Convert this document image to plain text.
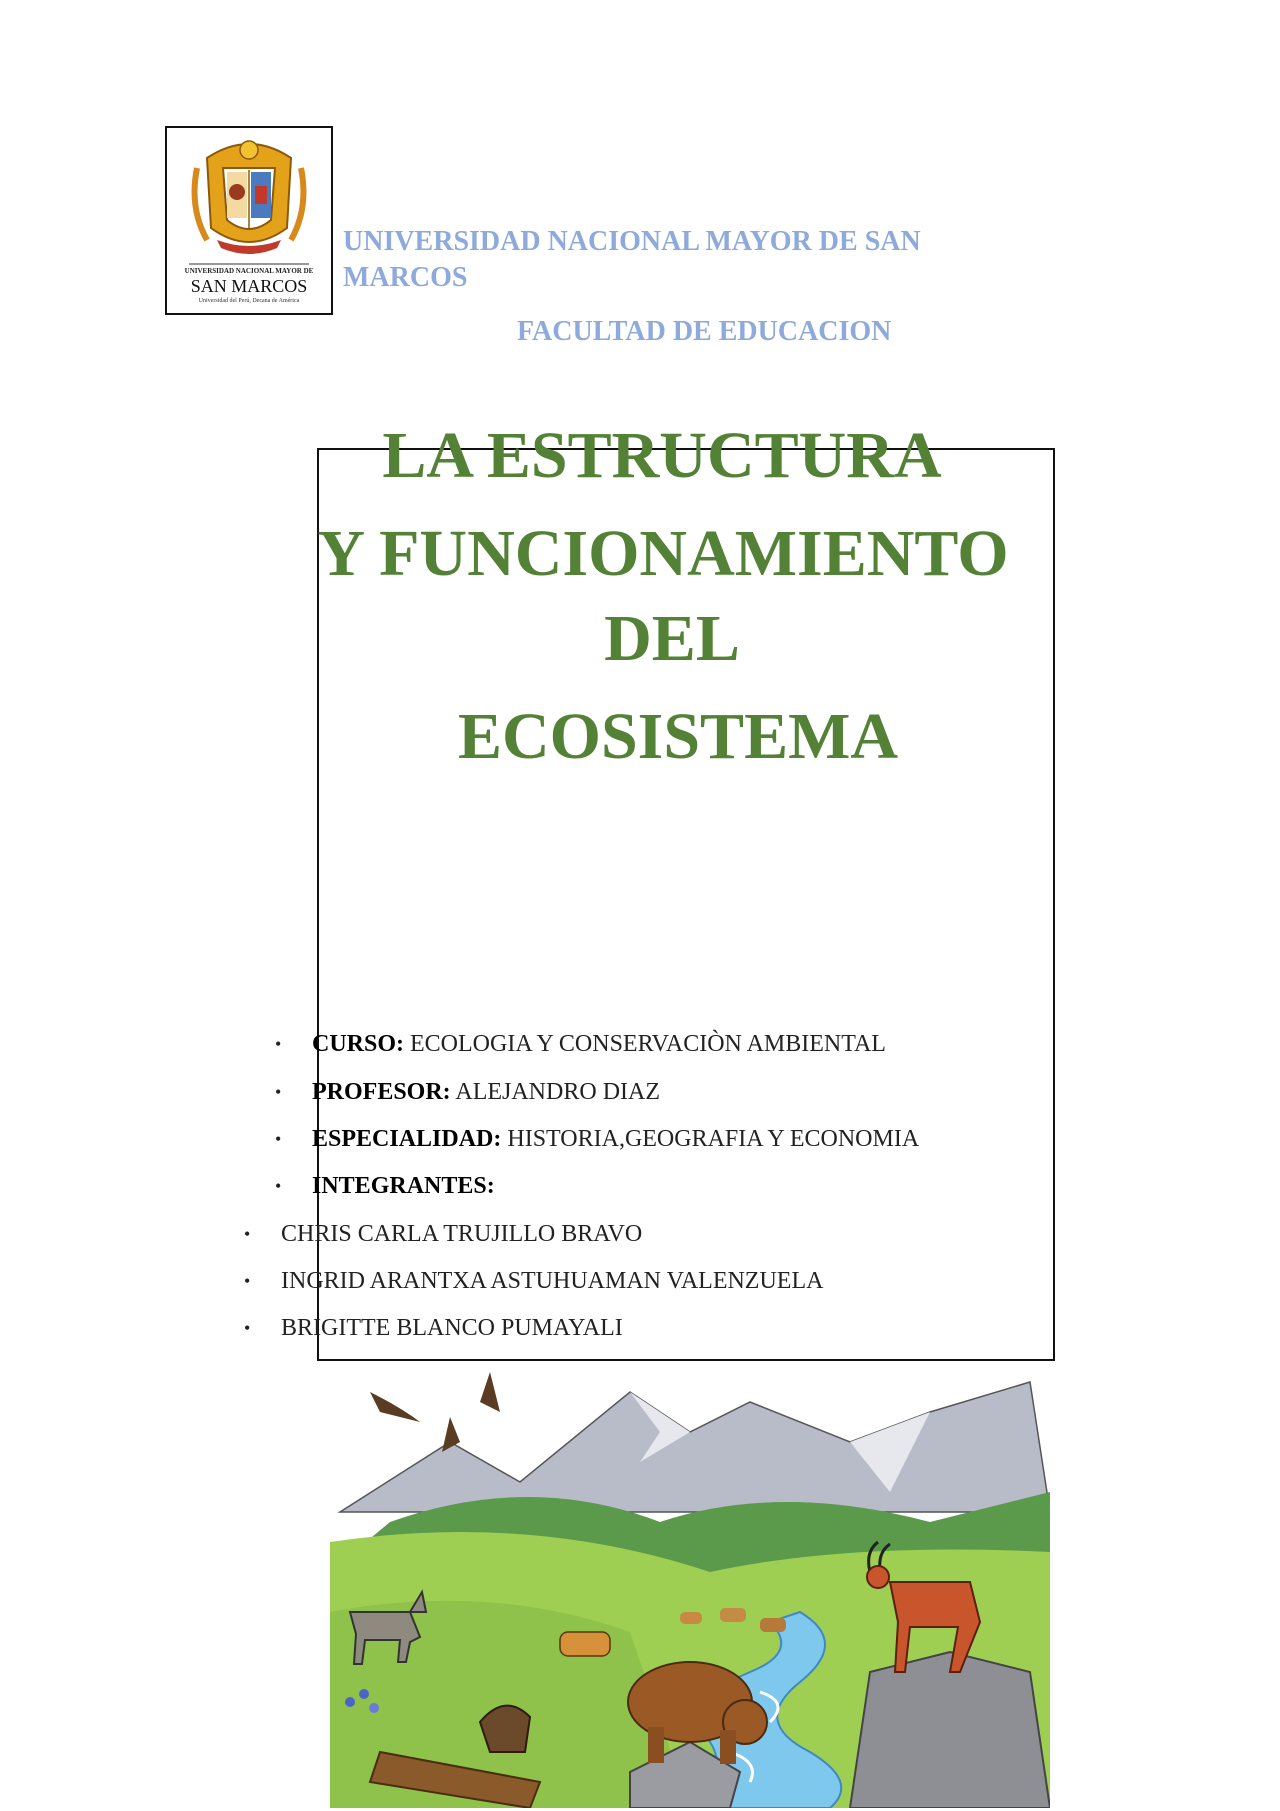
UNIVERSIDAD NACIONAL MAYOR DE
SAN MARCOS
Universidad del Perú, Decana de América
UNIVERSIDAD NACIONAL MAYOR DE SAN MARCOS
FACULTAD DE EDUCACION
LA ESTRUCTURA
Y FUNCIONAMIENTO
DEL
ECOSISTEMA
• CURSO: ECOLOGIA Y CONSERVACIÒN AMBIENTAL
• PROFESOR: ALEJANDRO DIAZ
• ESPECIALIDAD: HISTORIA,GEOGRAFIA Y ECONOMIA
• INTEGRANTES:
• CHRIS CARLA TRUJILLO BRAVO
• INGRID ARANTXA ASTUHUAMAN VALENZUELA
• BRIGITTE BLANCO PUMAYALI
